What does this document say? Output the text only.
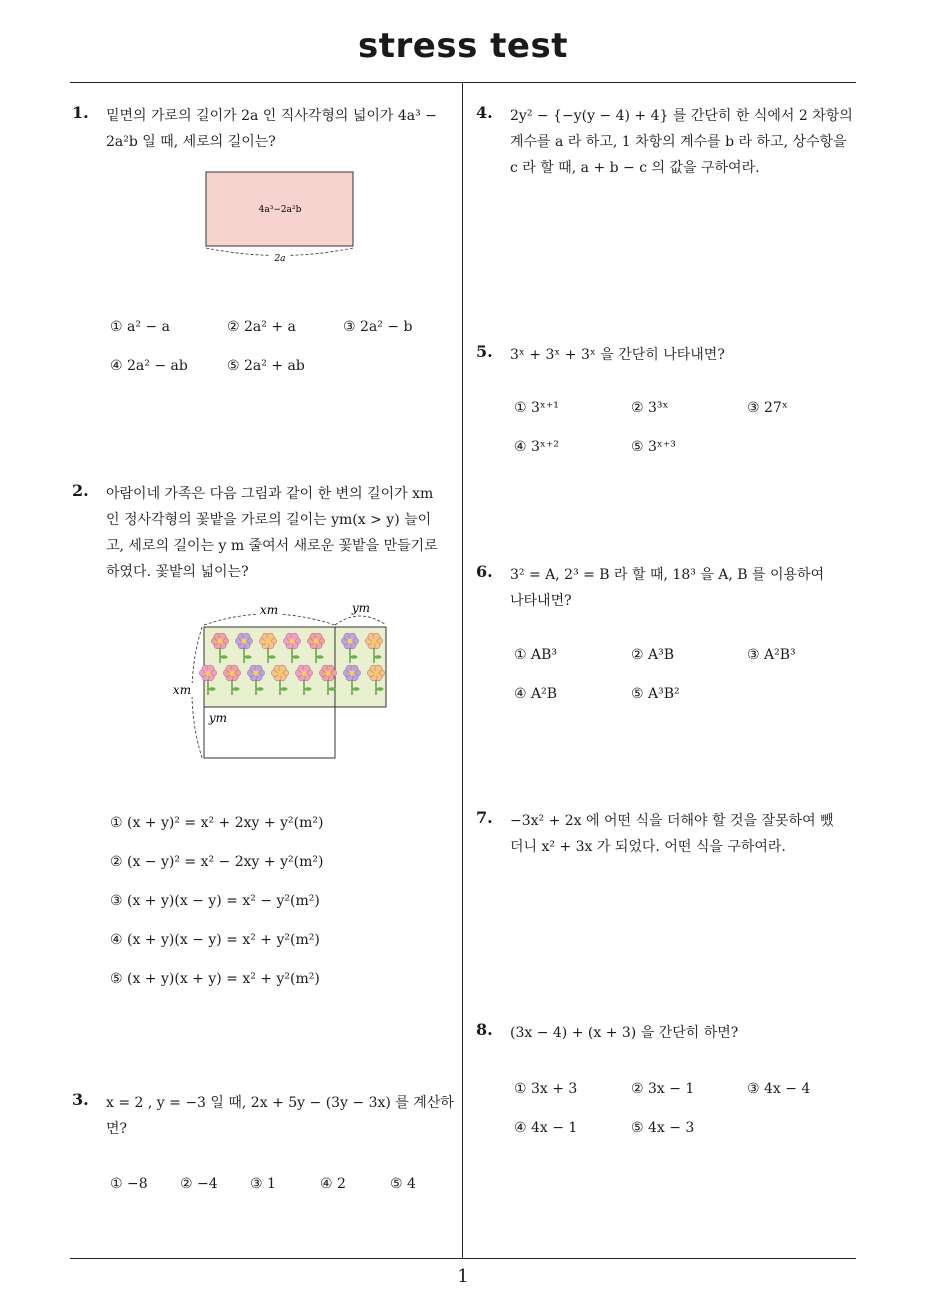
stress test
1
1. 밑면의 가로의 길이가 2a 인 직사각형의 넓이가 4a³ −
2a²b 일 때, 세로의 길이는?
4a³−2a²b
2a
① a² − a	② 2a² + a	③ 2a² − b
④ 2a² − ab	⑤ 2a² + ab
2. 아람이네 가족은 다음 그림과 같이 한 변의 길이가 xm
인 정사각형의 꽃밭을 가로의 길이는 ym(x > y) 늘이
고, 세로의 길이는 y m 줄여서 새로운 꽃밭을 만들기로
하였다. 꽃밭의 넓이는?
xm	ym
xm
ym
① (x + y)² = x² + 2xy + y²(m²)
② (x − y)² = x² − 2xy + y²(m²)
③ (x + y)(x − y) = x² − y²(m²)
④ (x + y)(x − y) = x² + y²(m²)
⑤ (x + y)(x + y) = x² + y²(m²)
3. x = 2 , y = −3 일 때, 2x + 5y − (3y − 3x) 를 계산하
면?
① −8 ② −4 ③ 1	④ 2	⑤ 4
4. 2y² − {−y(y − 4) + 4} 를 간단히 한 식에서 2 차항의
계수를 a 라 하고, 1 차항의 계수를 b 라 하고, 상수항을
c 라 할 때, a + b − c 의 값을 구하여라.
5. 3ˣ + 3ˣ + 3ˣ 을 간단히 나타내면?
① 3ˣ⁺¹	② 3³ˣ	③ 27ˣ
④ 3ˣ⁺²	⑤ 3ˣ⁺³
6. 3² = A, 2³ = B 라 할 때, 18³ 을 A, B 를 이용하여
나타내면?
① AB³	② A³B	③ A²B³
④ A²B	⑤ A³B²
7. −3x² + 2x 에 어떤 식을 더해야 할 것을 잘못하여 뺐
더니 x² + 3x 가 되었다. 어떤 식을 구하여라.
8. (3x − 4) + (x + 3) 을 간단히 하면?
① 3x + 3	② 3x − 1	③ 4x − 4
④ 4x − 1	⑤ 4x − 3
